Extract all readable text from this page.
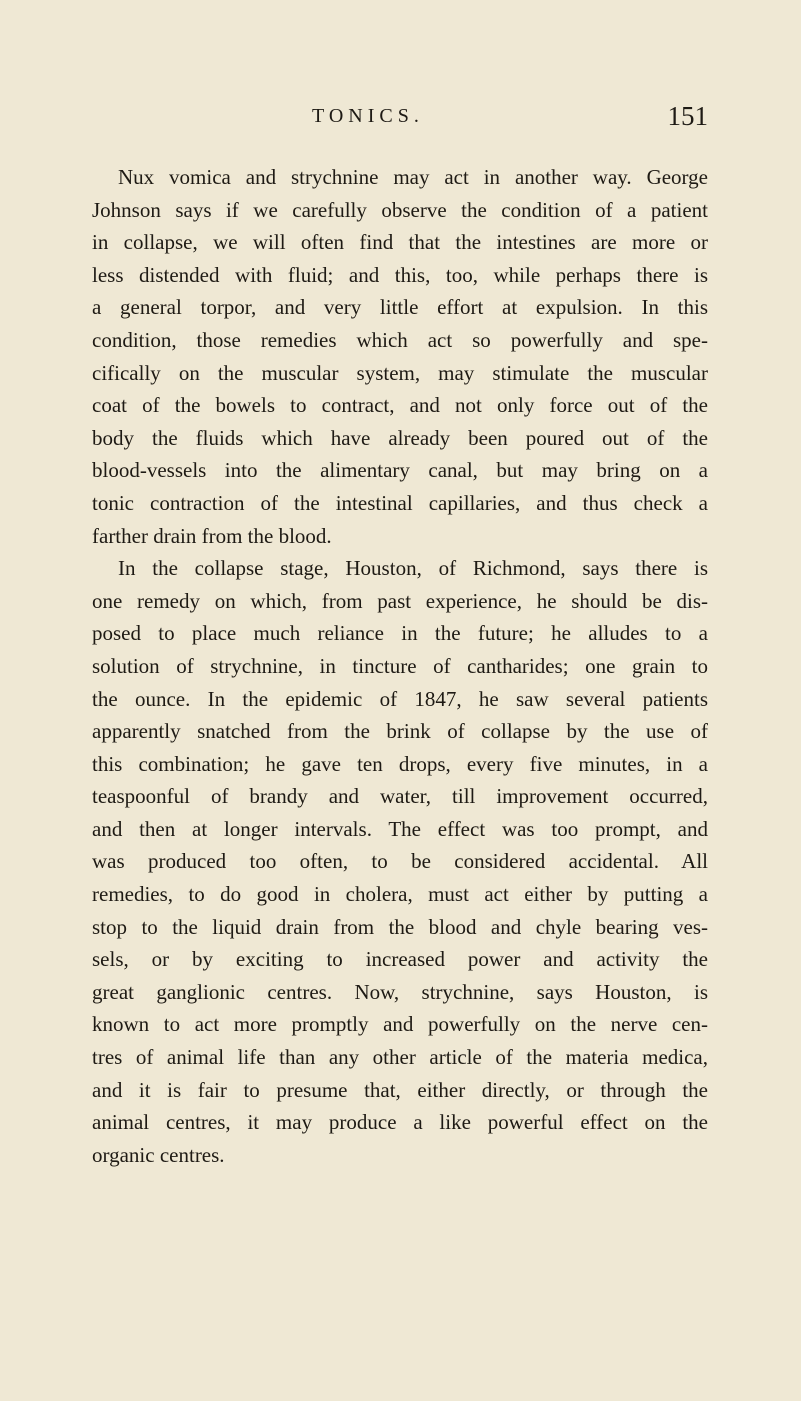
TONICS.	151
Nux vomica and strychnine may act in another way. George
Johnson says if we carefully observe the condition of a patient
in collapse, we will often find that the intestines are more or
less distended with fluid; and this, too, while perhaps there is
a general torpor, and very little effort at expulsion. In this
condition, those remedies which act so powerfully and spe-
cifically on the muscular system, may stimulate the muscular
coat of the bowels to contract, and not only force out of the
body the fluids which have already been poured out of the
blood-vessels into the alimentary canal, but may bring on a
tonic contraction of the intestinal capillaries, and thus check a
farther drain from the blood.
In the collapse stage, Houston, of Richmond, says there is
one remedy on which, from past experience, he should be dis-
posed to place much reliance in the future; he alludes to a
solution of strychnine, in tincture of cantharides; one grain to
the ounce. In the epidemic of 1847, he saw several patients
apparently snatched from the brink of collapse by the use of
this combination; he gave ten drops, every five minutes, in a
teaspoonful of brandy and water, till improvement occurred,
and then at longer intervals. The effect was too prompt, and
was produced too often, to be considered accidental. All
remedies, to do good in cholera, must act either by putting a
stop to the liquid drain from the blood and chyle bearing ves-
sels, or by exciting to increased power and activity the
great ganglionic centres. Now, strychnine, says Houston, is
known to act more promptly and powerfully on the nerve cen-
tres of animal life than any other article of the materia medica,
and it is fair to presume that, either directly, or through the
animal centres, it may produce a like powerful effect on the
organic centres.
